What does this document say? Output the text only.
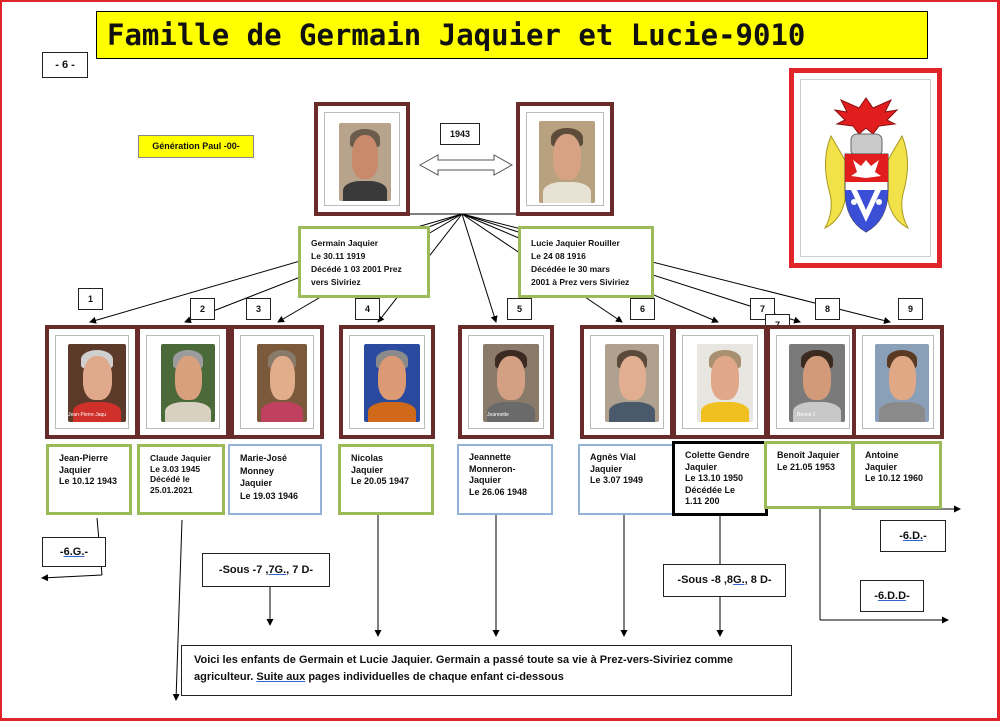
Famille de Germain Jaquier et Lucie-9010
- 6 -
Génération Paul -00-
1943
Germain Jaquier
Le 30.11 1919
Décédé 1 03 2001 Prez
vers Siviriez
Lucie Jaquier Rouiller
Le 24 08 1916
Décédée le 30 mars
2001 à Prez vers Siviriez
1
2	3	4	5	6	7	8	9
Jean-Pierre Jaqu	Jeannette	Benoit J
Jean-Pierre
Jaquier
Le 10.12 1943
Claude Jaquier
Le 3.03 1945
Décédé le
25.01.2021
Marie-José
Monney
Jaquier
Le 19.03 1946
Nicolas
Jaquier
Le 20.05 1947
Jeannette
Monneron-
Jaquier
Le 26.06 1948
Agnès Vial
Jaquier
Le 3.07 1949
Colette Gendre
Jaquier
Le 13.10 1950
Décédée Le
1.11 200
Benoît Jaquier
Le 21.05 1953
Antoine
Jaquier
Le 10.12 1960
-6.G.-
-Sous -7 ,7G., 7 D-
-Sous -8 ,8G., 8 D-
-6.D.-
-6.D.D-
Voici les enfants de Germain et Lucie Jaquier. Germain a passé toute sa vie à Prez-vers-Siviriez comme
agriculteur. Suite aux pages individuelles de chaque enfant ci-dessous
